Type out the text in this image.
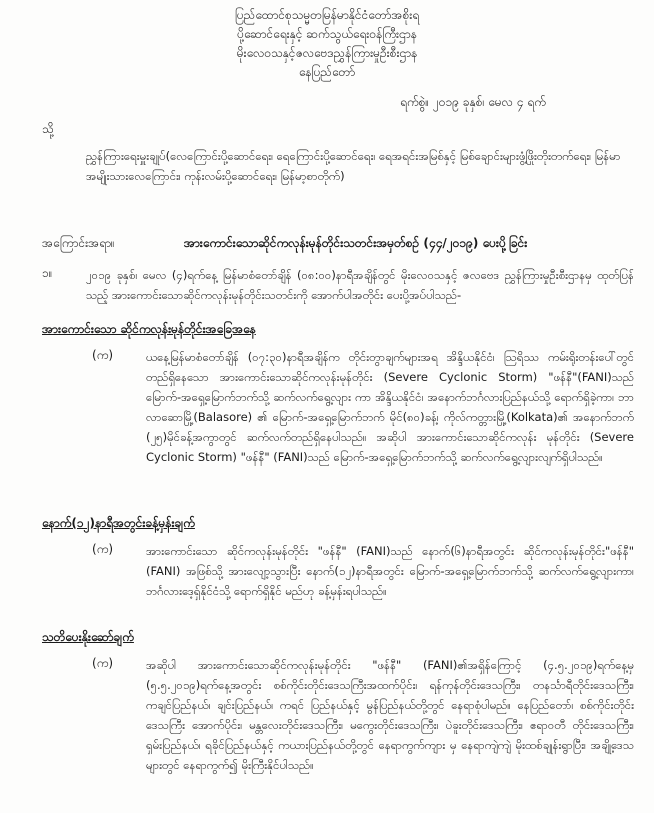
ပြည်ထောင်စုသမ္မတမြန်မာနိုင်ငံတော်အစိုးရ
ပို့ဆောင်ရေးနှင့် ဆက်သွယ်ရေးဝန်ကြီးဌာန
မိုးလေဝသနှင့်ဇလဗေဒညွှန်ကြားမှုဦးစီးဌာန
နေပြည်တော်
ရက်စွဲ။ ၂၀၁၉ ခုနှစ်၊ မေလ ၄ ရက်
သို့
ညွှန်ကြားရေးမှူးချုပ်(လေကြောင်းပို့ဆောင်ရေး၊ ရေကြောင်းပို့ဆောင်ရေး၊ ရေအရင်းအမြစ်နှင့် မြစ်ချောင်းများဖွံ့ဖြိုးတိုးတက်ရေး၊ မြန်မာအမျိုးသားလေကြောင်း၊ ကုန်းလမ်းပို့ဆောင်ရေး၊ မြန်မာ့စာတိုက်)
အကြောင်းအရာ။	အားကောင်းသောဆိုင်ကလုန်းမုန်တိုင်းသတင်းအမှတ်စဉ် (၄၄/၂၀၁၉) ပေးပို့ခြင်း
၁။	၂၀၁၉ ခုနှစ်၊ မေလ (၄)ရက်နေ့ မြန်မာစံတော်ချိန် (၀၈:၀၀)နာရီအချိန်တွင် မိုးလေဝသနှင့် ဇလဗေဒ ညွှန်ကြားမှုဦးစီးဌာနမှ ထုတ်ပြန်သည့် အားကောင်းသောဆိုင်ကလုန်းမုန်တိုင်းသတင်းကို အောက်ပါအတိုင်း ပေးပို့အပ်ပါသည်-
အားကောင်းသော ဆိုင်ကလုန်းမုန်တိုင်းအခြေအနေ
(က)	ယနေ့မြန်မာစံတော်ချိန် (၀၇:၃၀)နာရီအချိန်က တိုင်းတွာချက်များအရ အိန္ဒိယနိုင်ငံ၊ ဩရိဿ ကမ်းရိုးတန်းပေါ်တွင် တည်ရှိနေသော အားကောင်းသောဆိုင်ကလုန်းမုန်တိုင်း (Severe Cyclonic Storm) "ဖန်နီ"(FANI)သည် မြောက်-အရှေ့မြောက်ဘက်သို့ ဆက်လက်ရွေ့လျား ကာ အိန္ဒိယနိုင်ငံ၊ အနောက်ဘင်္ဂလားပြည်နယ်သို့ ရောက်ရှိခဲ့ကာ၊ ဘာလာဆောမြို့(Balasore) ၏ မြောက်-အရှေ့မြောက်ဘက် မိုင်(၈၀)ခန့်၊ ကိုလ်ကတ္တားမြို့(Kolkata)၏ အနောက်ဘက် (၂၅)မိုင်ခန့်အကွာတွင် ဆက်လက်တည်ရှိနေပါသည်။ အဆိုပါ အားကောင်းသောဆိုင်ကလုန်း မုန်တိုင်း (Severe Cyclonic Storm) "ဖန်နီ" (FANI)သည် မြောက်-အရှေ့မြောက်ဘက်သို့ ဆက်လက်ရွေ့လျားလျက်ရှိပါသည်။
နောက်(၁၂)နာရီအတွင်းခန့်မှန်းချက်
(က)	အားကောင်းသော ဆိုင်ကလုန်းမုန်တိုင်း "ဖန်နီ" (FANI)သည် နောက်(၆)နာရီအတွင်း ဆိုင်ကလုန်းမုန်တိုင်း"ဖန်နီ"(FANI) အဖြစ်သို့ အားလျော့သွားပြီး နောက်(၁၂)နာရီအတွင်း မြောက်-အရှေ့မြောက်ဘက်သို့ ဆက်လက်ရွေ့လျားကာ၊ ဘင်္ဂလားဒေ့ရှ်နိုင်ငံသို့ ရောက်ရှိနိုင် မည်ဟု ခန့်မှန်းရပါသည်။
သတိပေးနိုးဆော်ချက်
(က)	အဆိုပါ အားကောင်းသောဆိုင်ကလုန်းမုန်တိုင်း "ဖန်နီ" (FANI)၏အရှိန်ကြောင့် (၄.၅.၂၀၁၉)ရက်နေ့မှ (၅.၅.၂၀၁၉)ရက်နေ့အတွင်း စစ်ကိုင်းတိုင်းဒေသကြီးအထက်ပိုင်း၊ ရန်ကုန်တိုင်းဒေသကြီး၊ တနင်္သာရီတိုင်းဒေသကြီး၊ ကချင်ပြည်နယ်၊ ချင်းပြည်နယ်၊ ကရင် ပြည်နယ်နှင့် မွန်ပြည်နယ်တို့တွင် နေရာစုံပါမည်။ နေပြည်တော်၊ စစ်ကိုင်းတိုင်းဒေသကြီး အောက်ပိုင်း၊ မန္တလေးတိုင်းဒေသကြီး၊ မကွေးတိုင်းဒေသကြီး၊ ပဲခူးတိုင်းဒေသကြီး၊ ဧရာဝတီ တိုင်းဒေသကြီး၊ ရှမ်းပြည်နယ်၊ ရခိုင်ပြည်နယ်နှင့် ကယားပြည်နယ်တို့တွင် နေရာကွက်ကျား မှ နေရာကျဲကျဲ မိုးထစ်ချုန်းရွာပြီး၊ အချို့ဒေသများတွင် နေရာကွက်၍ မိုးကြီးနိုင်ပါသည်။
